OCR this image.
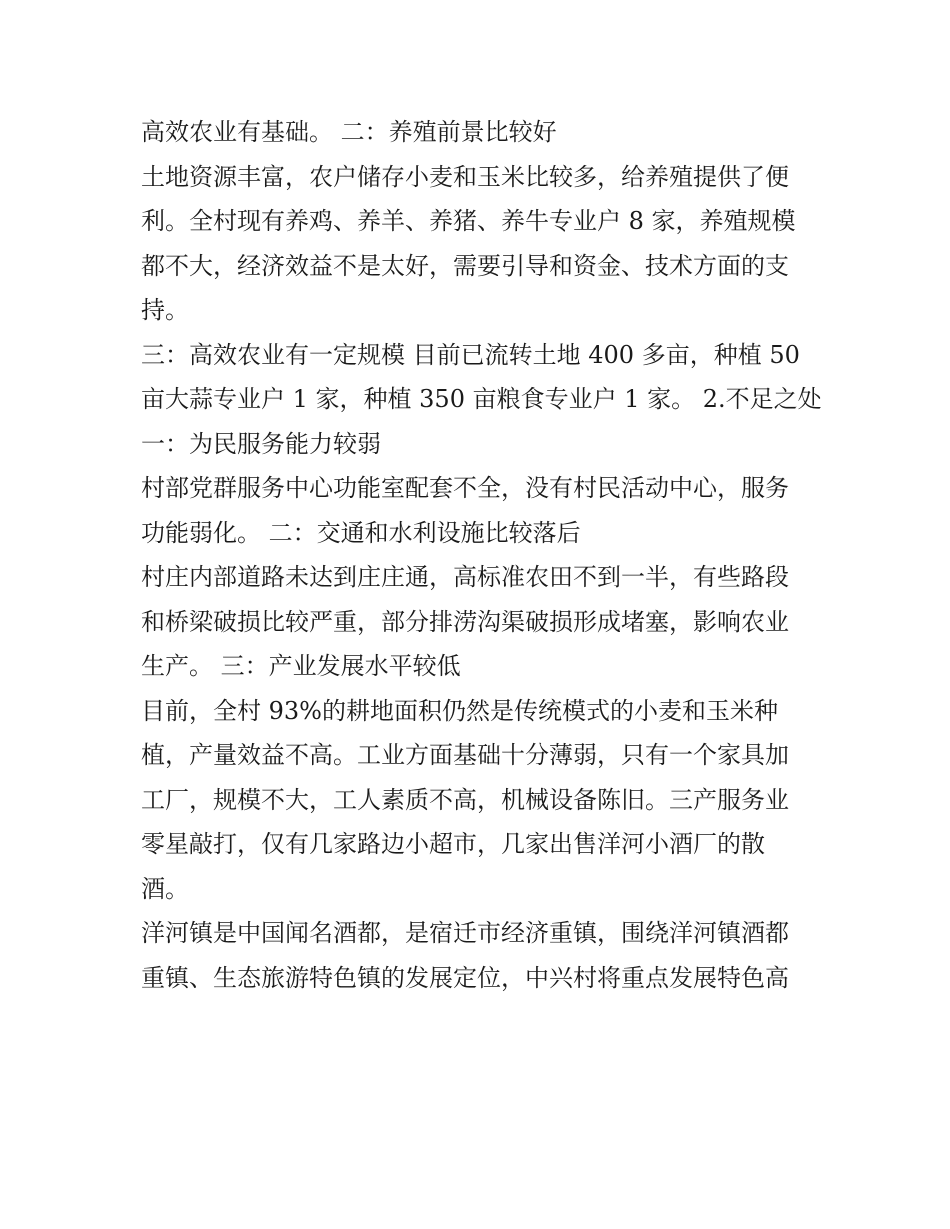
高效农业有基础。 二：养殖前景比较好
土地资源丰富，农户储存小麦和玉米比较多，给养殖提供了便
利。全村现有养鸡、养羊、养猪、养牛专业户 8 家，养殖规模
都不大，经济效益不是太好，需要引导和资金、技术方面的支
持。
三：高效农业有一定规模 目前已流转土地 400 多亩，种植 50
亩大蒜专业户 1 家，种植 350 亩粮食专业户 1 家。 2.不足之处
一：为民服务能力较弱
村部党群服务中心功能室配套不全，没有村民活动中心，服务
功能弱化。 二：交通和水利设施比较落后
村庄内部道路未达到庄庄通，高标准农田不到一半，有些路段
和桥梁破损比较严重，部分排涝沟渠破损形成堵塞，影响农业
生产。 三：产业发展水平较低
目前，全村 93%的耕地面积仍然是传统模式的小麦和玉米种
植，产量效益不高。工业方面基础十分薄弱，只有一个家具加
工厂，规模不大，工人素质不高，机械设备陈旧。三产服务业
零星敲打，仅有几家路边小超市，几家出售洋河小酒厂的散
酒。
洋河镇是中国闻名酒都，是宿迁市经济重镇，围绕洋河镇酒都
重镇、生态旅游特色镇的发展定位，中兴村将重点发展特色高
